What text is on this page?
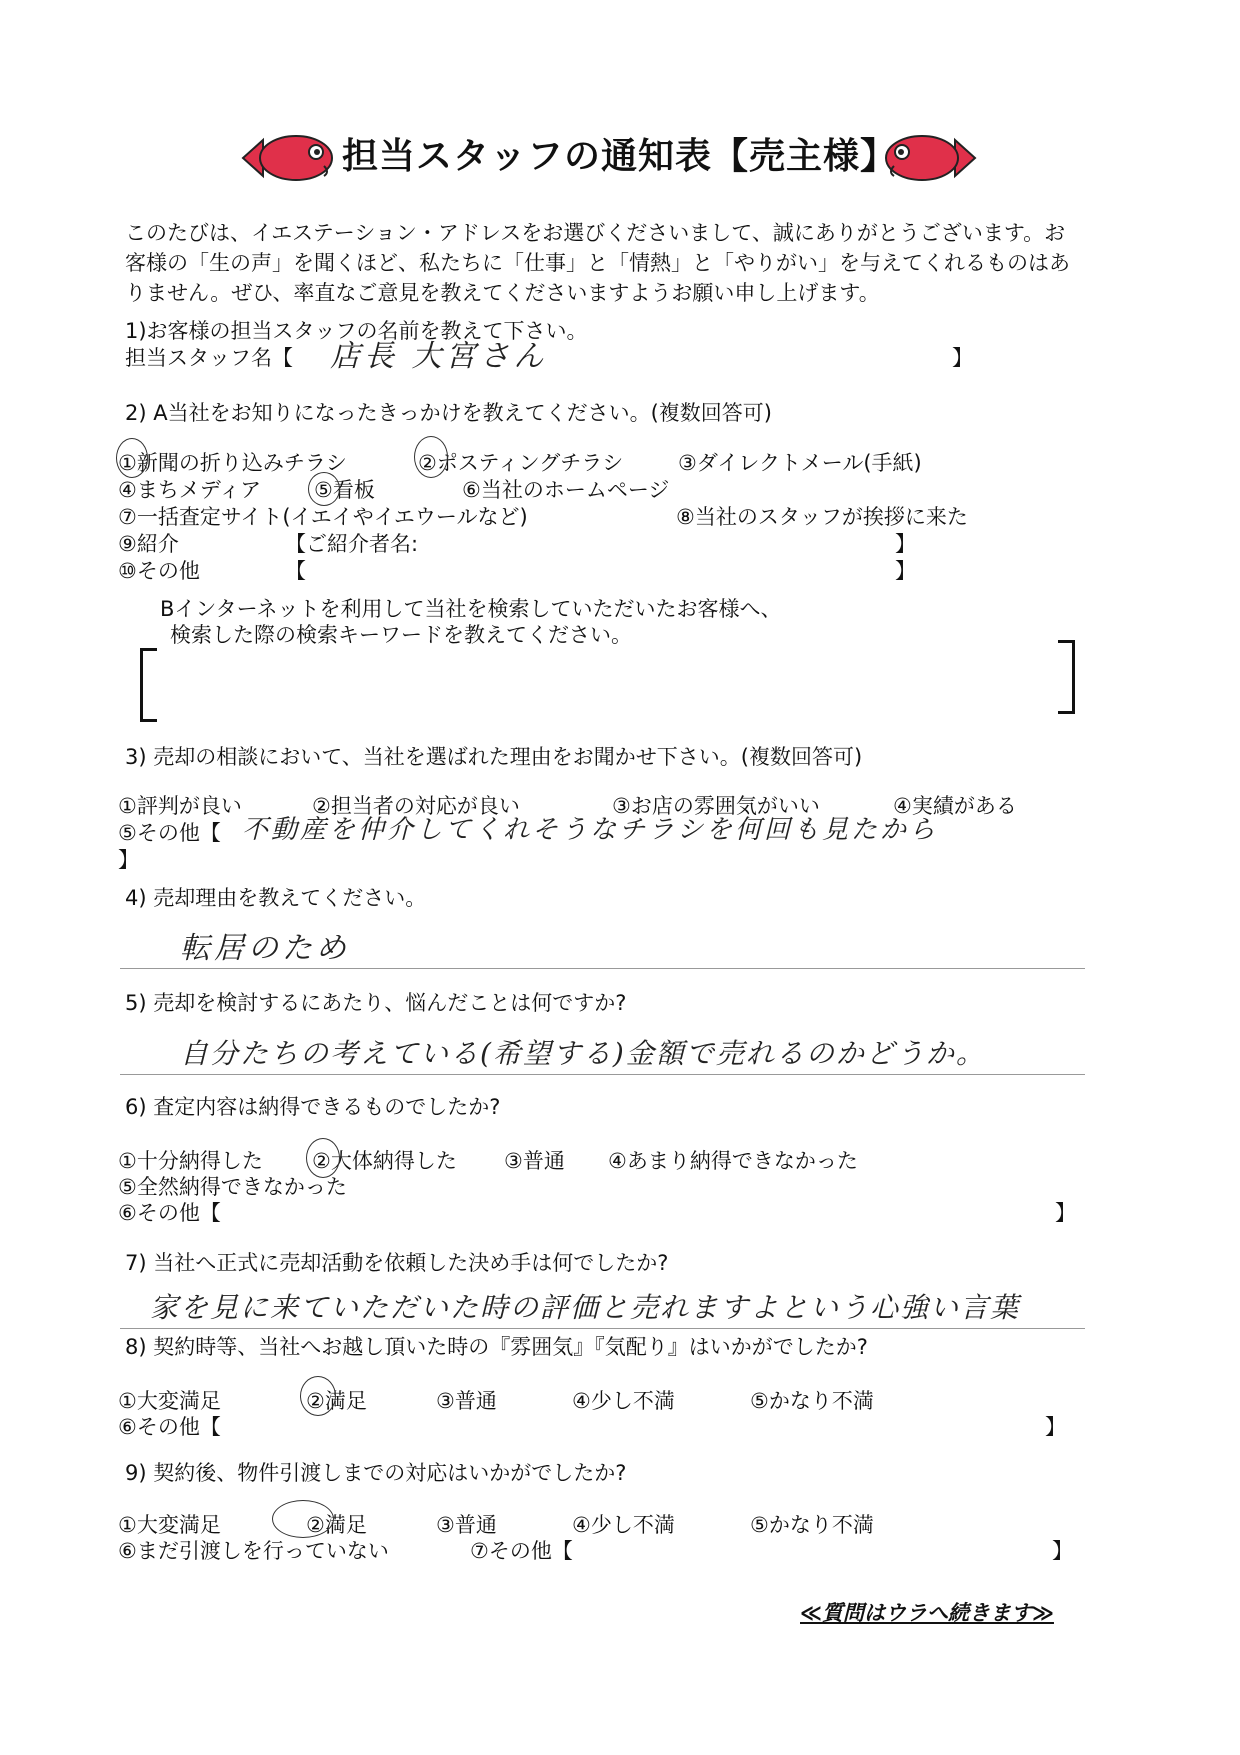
担当スタッフの通知表【売主様】
このたびは、イエステーション・アドレスをお選びくださいまして、誠にありがとうございます。お客様の「生の声」を聞くほど、私たちに「仕事」と「情熱」と「やりがい」を与えてくれるものはありません。ぜひ、率直なご意見を教えてくださいますようお願い申し上げます。
1)お客様の担当スタッフの名前を教えて下さい。
担当スタッフ名【 店長 大宮さん	】
2) A当社をお知りになったきっかけを教えてください。(複数回答可)
①新聞の折り込みチラシ	②ポスティングチラシ	③ダイレクトメール(手紙)
④まちメディア	⑤看板	⑥当社のホームページ
⑦一括査定サイト(イエイやイエウールなど)	⑧当社のスタッフが挨拶に来た
⑨紹介	【ご紹介者名:	】
⑩その他	【	】
Bインターネットを利用して当社を検索していただいたお客様へ、
検索した際の検索キーワードを教えてください。
3) 売却の相談において、当社を選ばれた理由をお聞かせ下さい。(複数回答可)
①評判が良い	②担当者の対応が良い	③お店の雰囲気がいい	④実績がある
⑤その他【 不動産を仲介してくれそうなチラシを何回も見たから
】
4) 売却理由を教えてください。
転居のため
5) 売却を検討するにあたり、悩んだことは何ですか?
自分たちの考えている(希望する)金額で売れるのかどうか。
6) 査定内容は納得できるものでしたか?
①十分納得した ②大体納得した ③普通 ④あまり納得できなかった
⑤全然納得できなかった
⑥その他【	】
7) 当社へ正式に売却活動を依頼した決め手は何でしたか?
家を見に来ていただいた時の評価と売れますよという心強い言葉
8) 契約時等、当社へお越し頂いた時の『雰囲気』『気配り』はいかがでしたか?
①大変満足	②満足	③普通	④少し不満	⑤かなり不満
⑥その他【	】
9) 契約後、物件引渡しまでの対応はいかがでしたか?
①大変満足	②満足	③普通	④少し不満	⑤かなり不満
⑥まだ引渡しを行っていない	⑦その他【	】
≪質問はウラへ続きます≫
